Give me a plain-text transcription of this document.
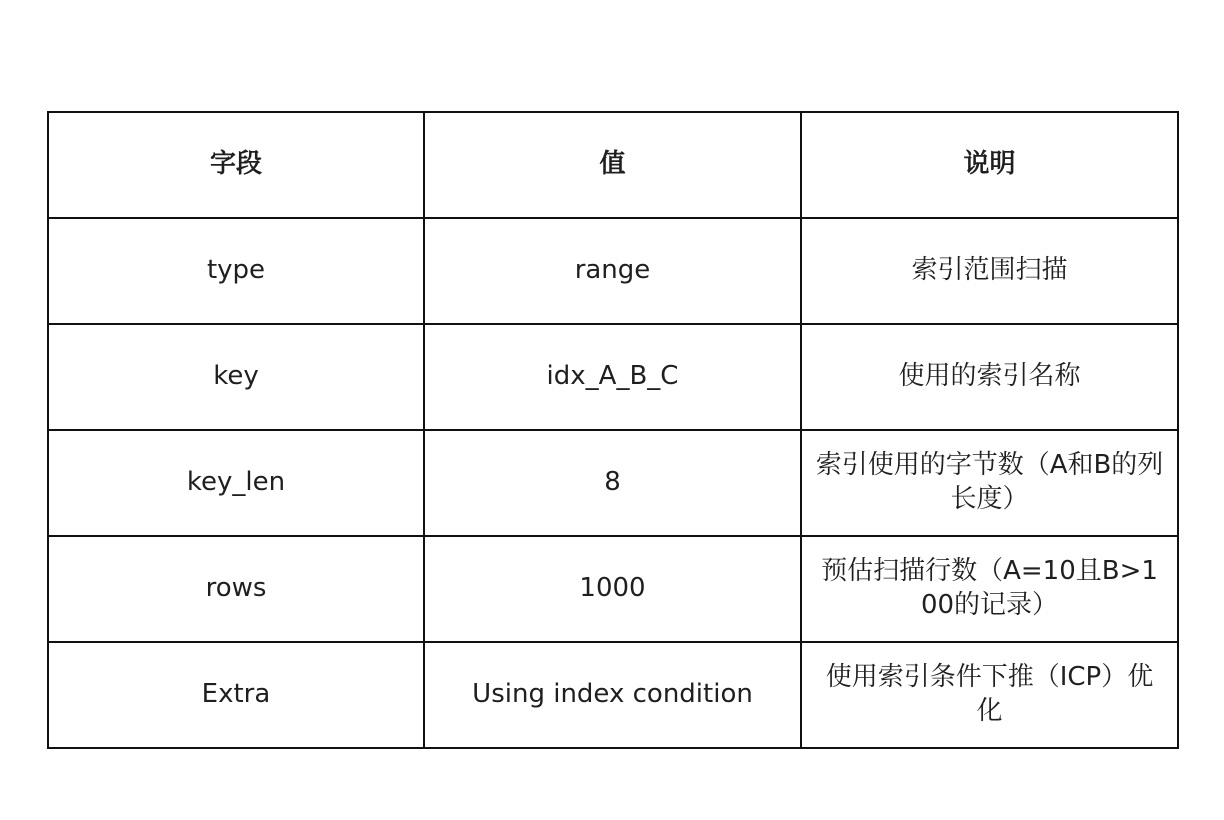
字段	值	说明
type	range	索引范围扫描
key	idx_A_B_C	使用的索引名称
key_len	8	索引使用的字节数（A和B的列长度）
rows	1000	预估扫描行数（A=10且B>100的记录）
Extra	Using index condition	使用索引条件下推（ICP）优化
